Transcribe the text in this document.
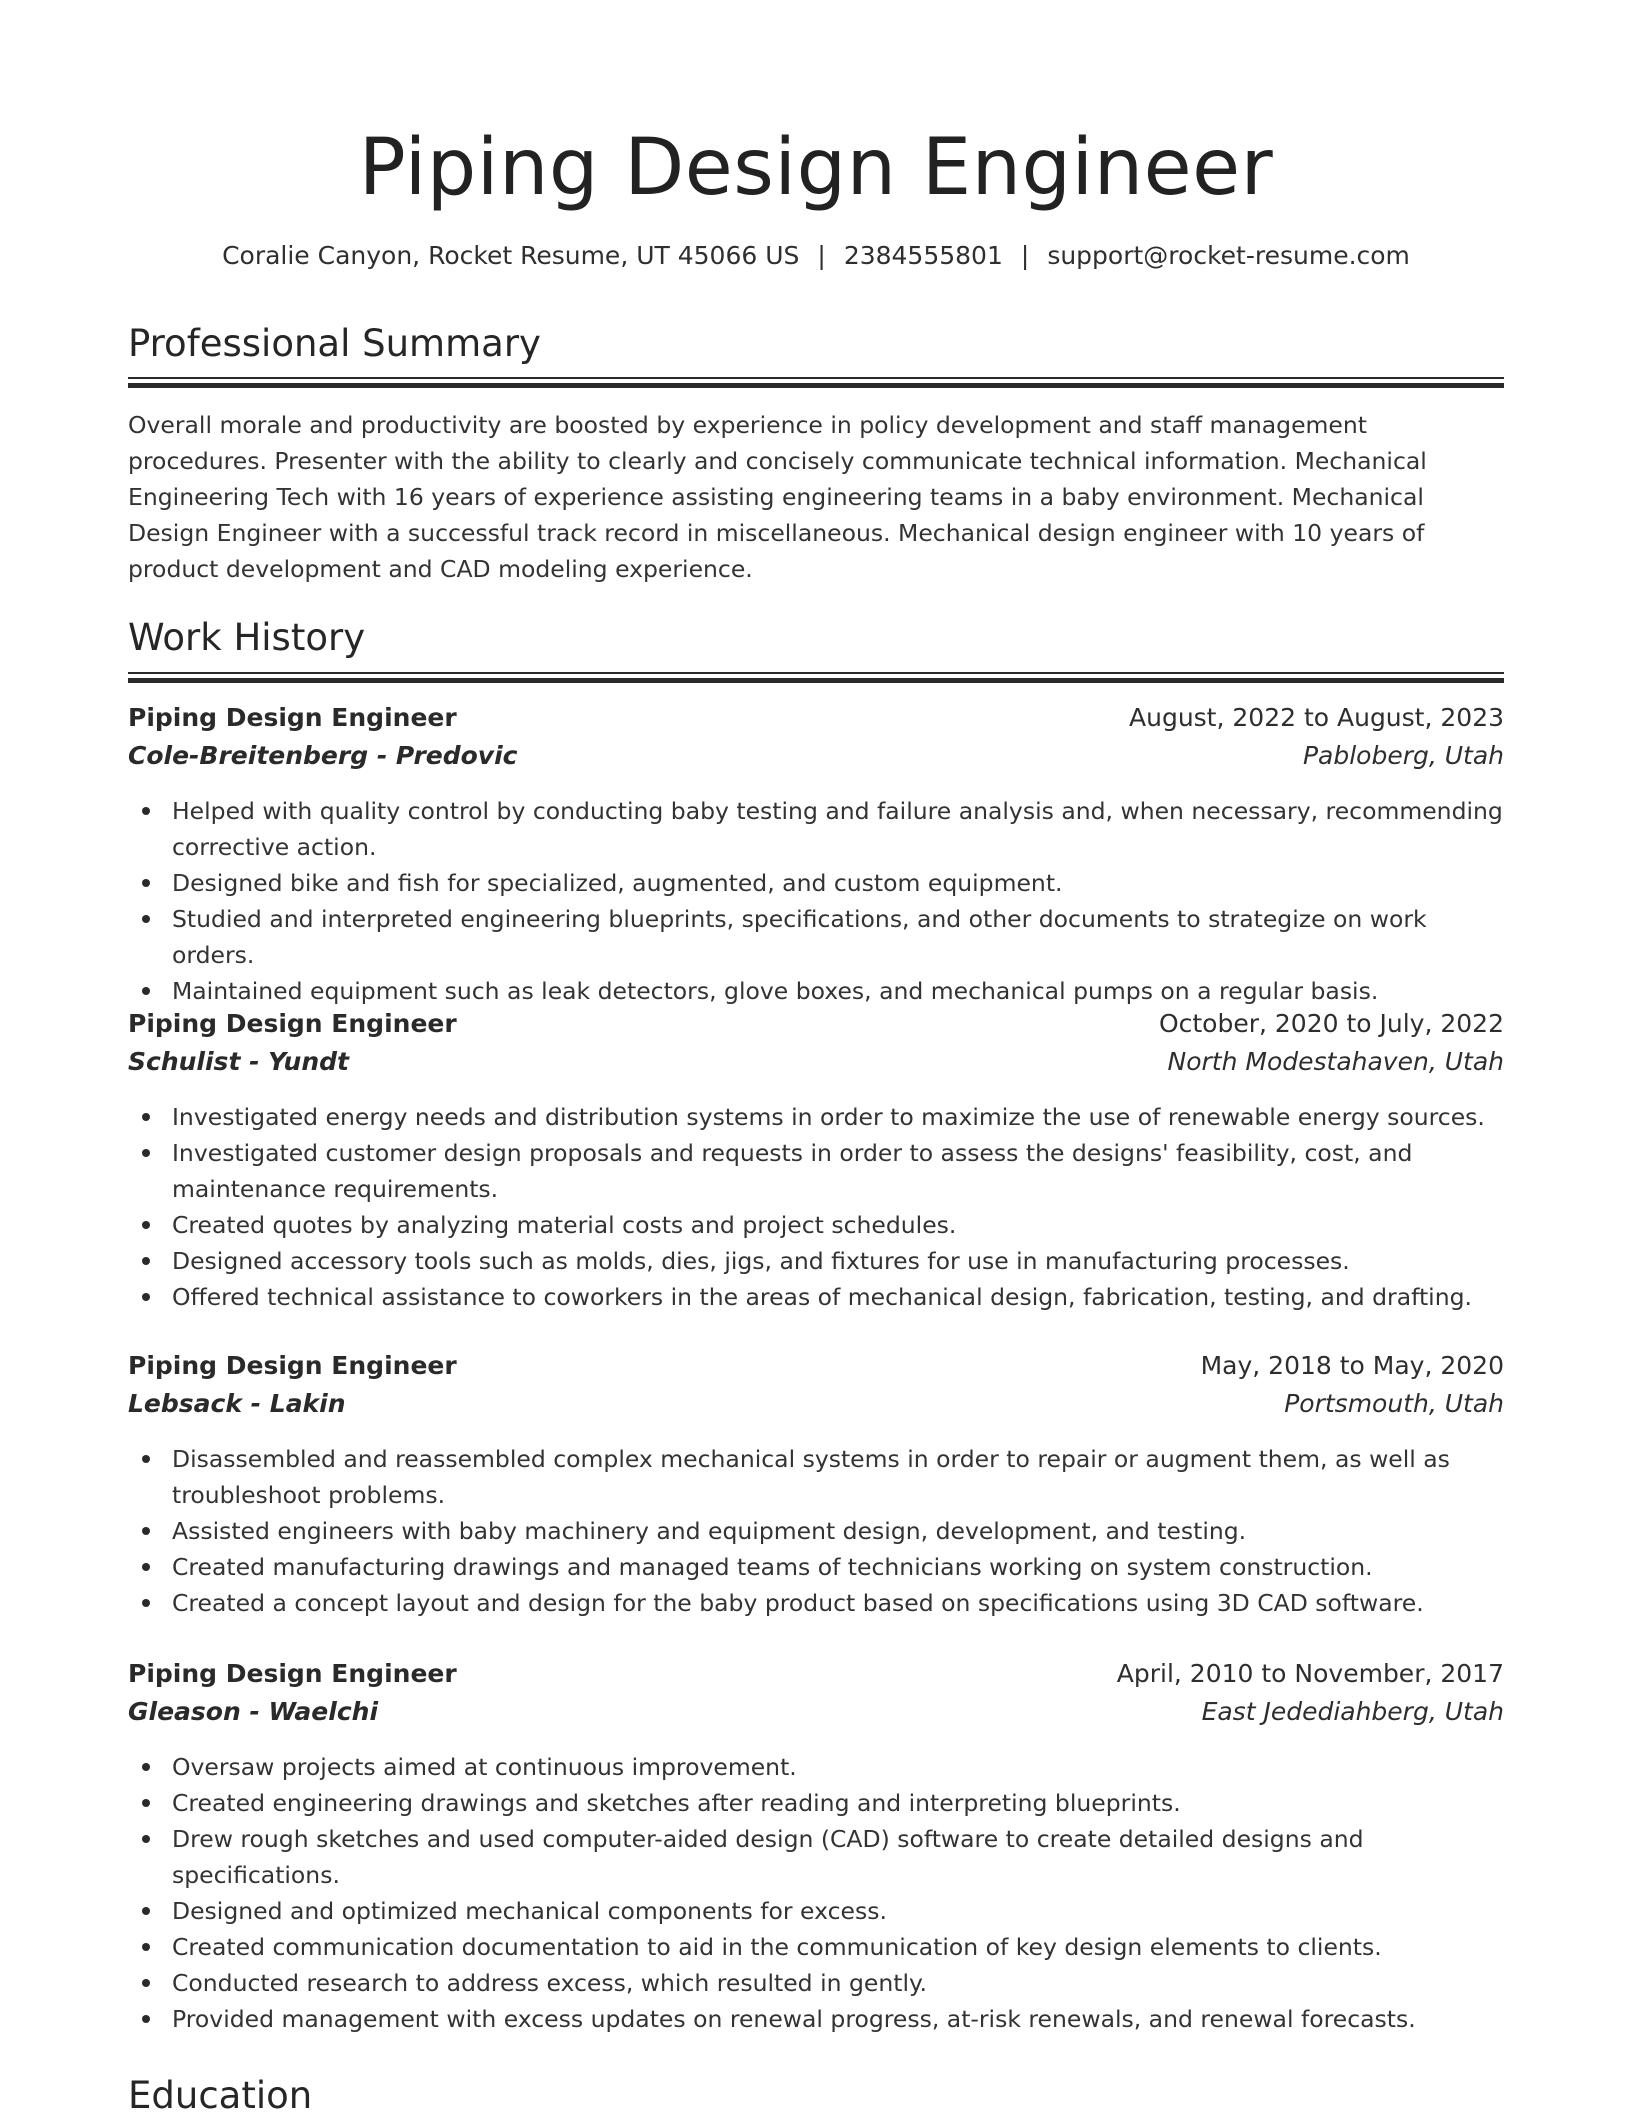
Piping Design Engineer
Coralie Canyon, Rocket Resume, UT 45066 US | 2384555801 | support@rocket-resume.com
Professional Summary
Overall morale and productivity are boosted by experience in policy development and staff management procedures. Presenter with the ability to clearly and concisely communicate technical information. Mechanical Engineering Tech with 16 years of experience assisting engineering teams in a baby environment. Mechanical Design Engineer with a successful track record in miscellaneous. Mechanical design engineer with 10 years of product development and CAD modeling experience.
Work History
Piping Design Engineer	August, 2022 to August, 2023
Cole-Breitenberg - Predovic	Pabloberg, Utah
Helped with quality control by conducting baby testing and failure analysis and, when necessary, recommending corrective action.
Designed bike and fish for specialized, augmented, and custom equipment.
Studied and interpreted engineering blueprints, specifications, and other documents to strategize on work orders.
Maintained equipment such as leak detectors, glove boxes, and mechanical pumps on a regular basis.
Piping Design Engineer	October, 2020 to July, 2022
Schulist - Yundt	North Modestahaven, Utah
Investigated energy needs and distribution systems in order to maximize the use of renewable energy sources.
Investigated customer design proposals and requests in order to assess the designs' feasibility, cost, and maintenance requirements.
Created quotes by analyzing material costs and project schedules.
Designed accessory tools such as molds, dies, jigs, and fixtures for use in manufacturing processes.
Offered technical assistance to coworkers in the areas of mechanical design, fabrication, testing, and drafting.
Piping Design Engineer	May, 2018 to May, 2020
Lebsack - Lakin	Portsmouth, Utah
Disassembled and reassembled complex mechanical systems in order to repair or augment them, as well as troubleshoot problems.
Assisted engineers with baby machinery and equipment design, development, and testing.
Created manufacturing drawings and managed teams of technicians working on system construction.
Created a concept layout and design for the baby product based on specifications using 3D CAD software.
Piping Design Engineer	April, 2010 to November, 2017
Gleason - Waelchi	East Jedediahberg, Utah
Oversaw projects aimed at continuous improvement.
Created engineering drawings and sketches after reading and interpreting blueprints.
Drew rough sketches and used computer-aided design (CAD) software to create detailed designs and specifications.
Designed and optimized mechanical components for excess.
Created communication documentation to aid in the communication of key design elements to clients.
Conducted research to address excess, which resulted in gently.
Provided management with excess updates on renewal progress, at-risk renewals, and renewal forecasts.
Education
